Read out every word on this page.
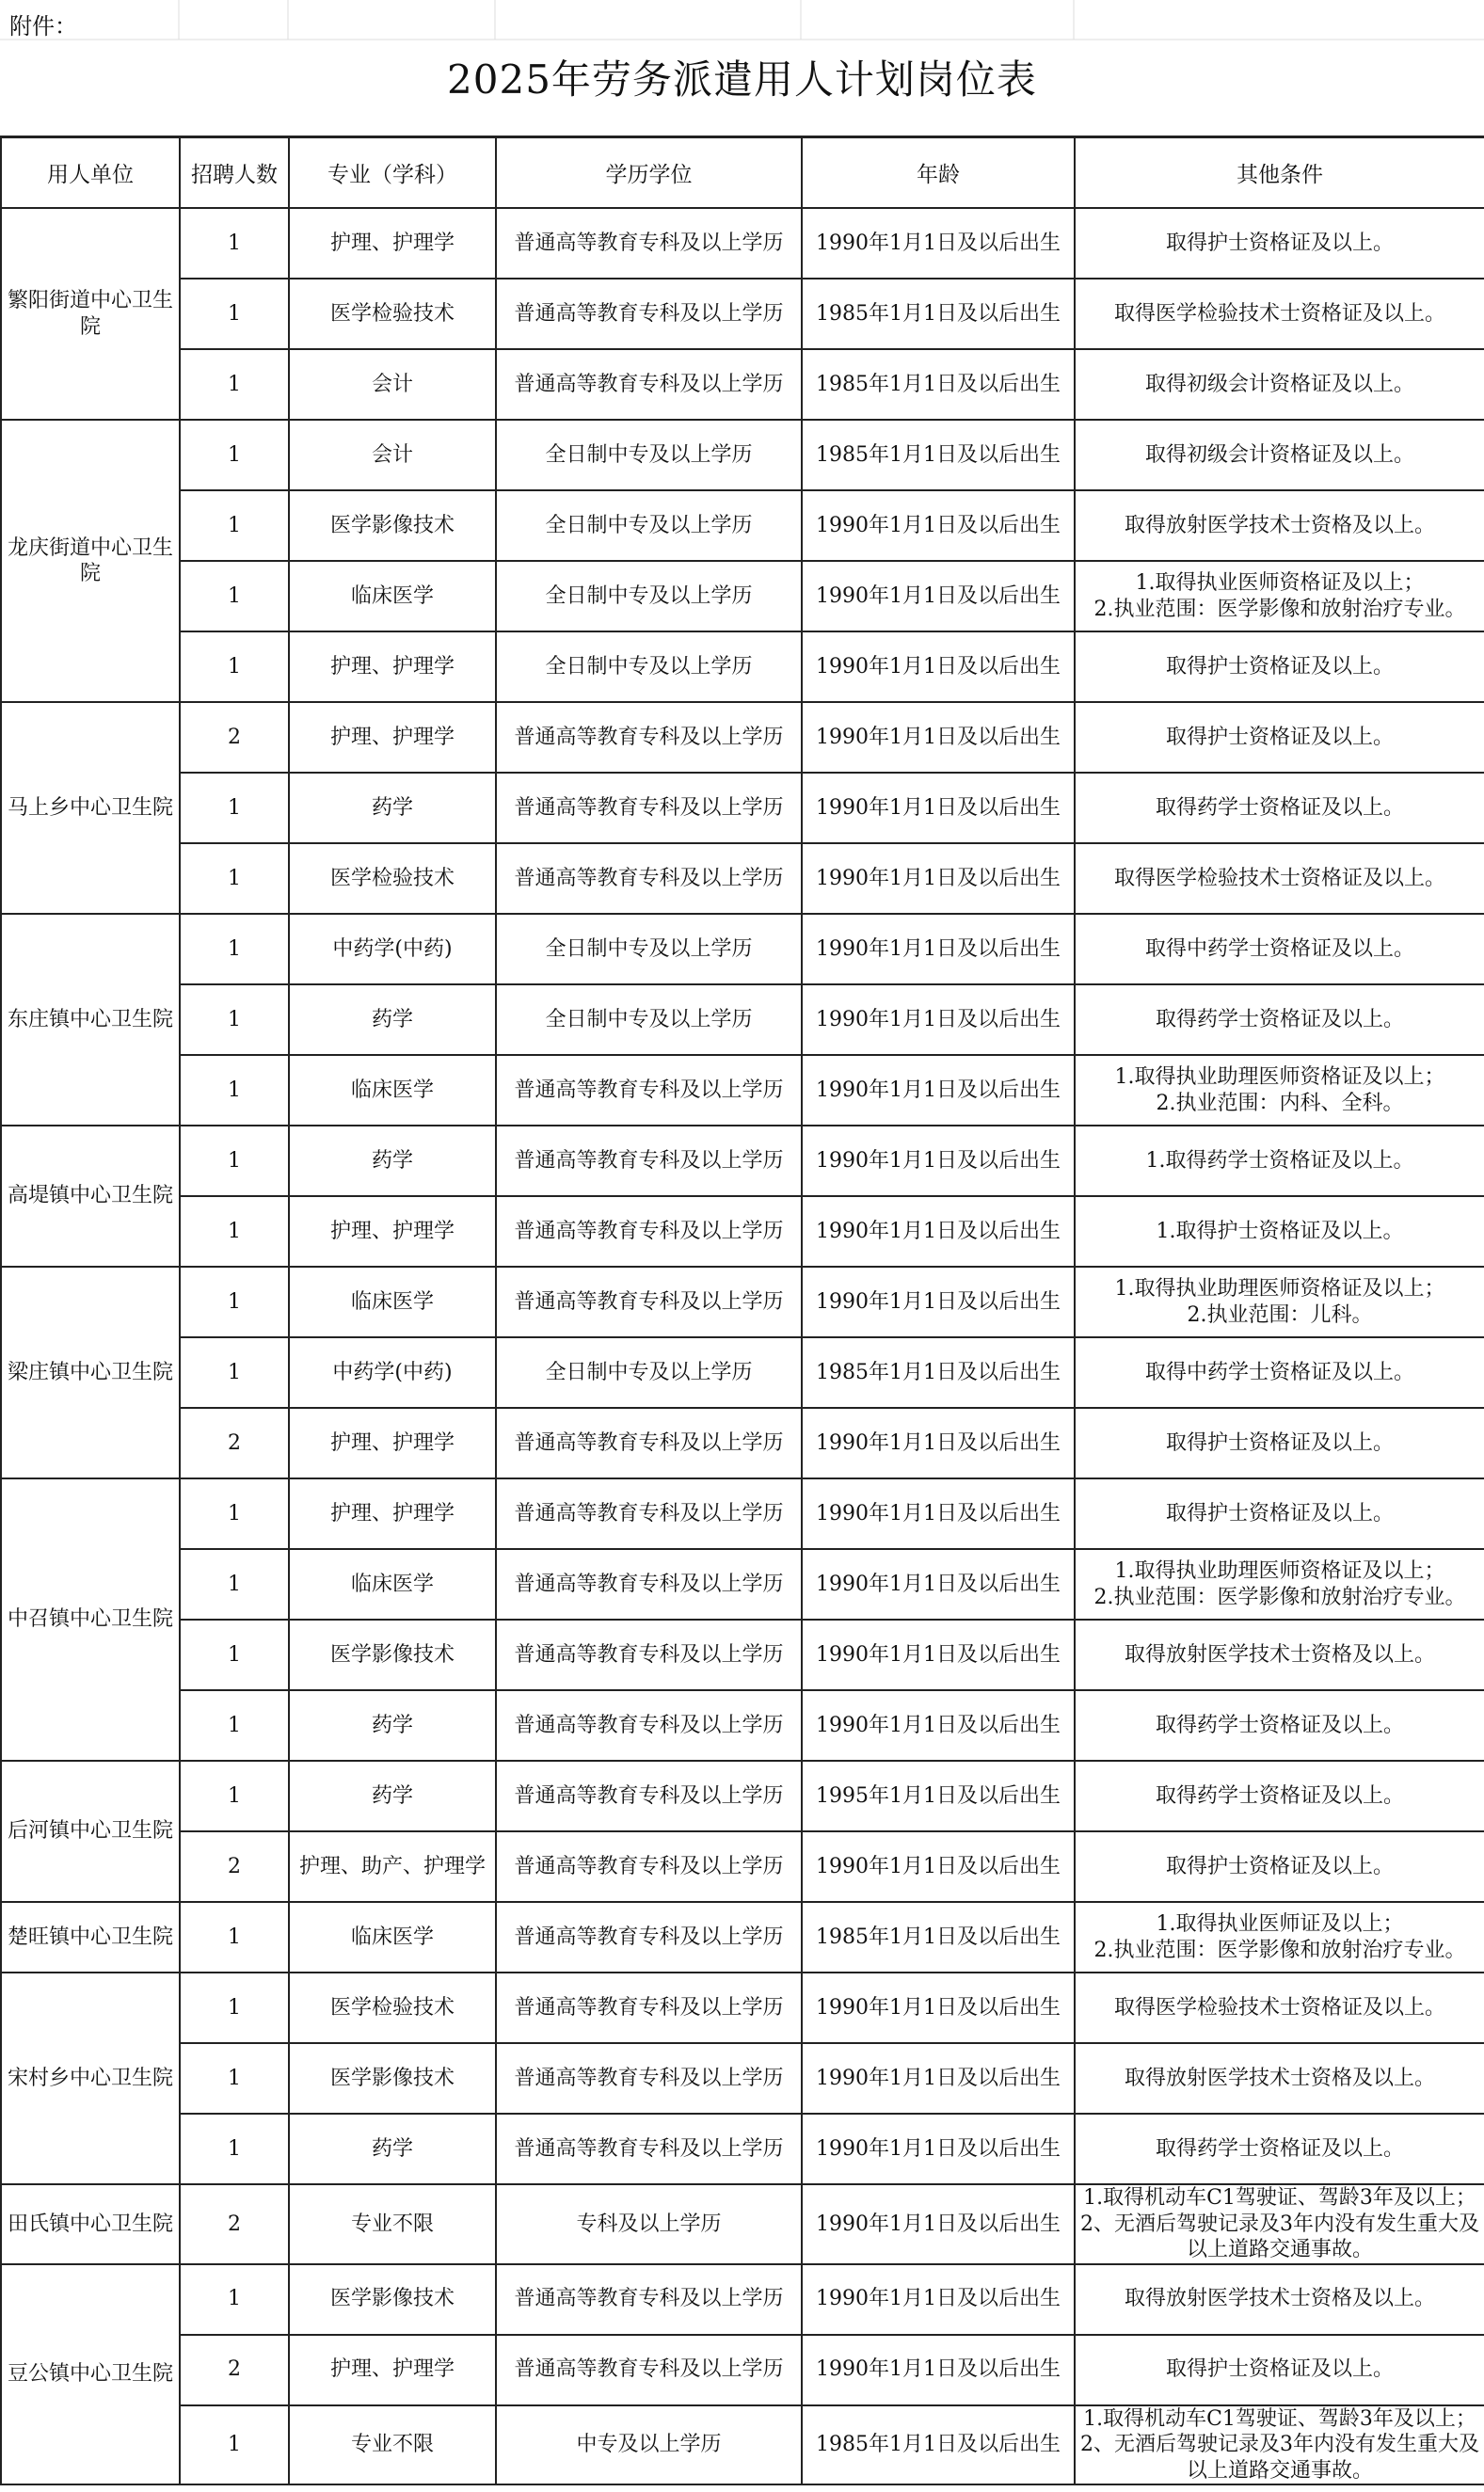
附件：
2025年劳务派遣用人计划岗位表
用人单位	招聘人数	专业（学科）	学历学位	年龄	其他条件
繁阳街道中心卫生院	1	护理、护理学	普通高等教育专科及以上学历	1990年1月1日及以后出生	取得护士资格证及以上。
	1	医学检验技术	普通高等教育专科及以上学历	1985年1月1日及以后出生	取得医学检验技术士资格证及以上。
	1	会计	普通高等教育专科及以上学历	1985年1月1日及以后出生	取得初级会计资格证及以上。
龙庆街道中心卫生院	1	会计	全日制中专及以上学历	1985年1月1日及以后出生	取得初级会计资格证及以上。
	1	医学影像技术	全日制中专及以上学历	1990年1月1日及以后出生	取得放射医学技术士资格及以上。
	1	临床医学	全日制中专及以上学历	1990年1月1日及以后出生	1.取得执业医师资格证及以上；
2.执业范围：医学影像和放射治疗专业。
	1	护理、护理学	全日制中专及以上学历	1990年1月1日及以后出生	取得护士资格证及以上。
马上乡中心卫生院	2	护理、护理学	普通高等教育专科及以上学历	1990年1月1日及以后出生	取得护士资格证及以上。
	1	药学	普通高等教育专科及以上学历	1990年1月1日及以后出生	取得药学士资格证及以上。
	1	医学检验技术	普通高等教育专科及以上学历	1990年1月1日及以后出生	取得医学检验技术士资格证及以上。
东庄镇中心卫生院	1	中药学(中药)	全日制中专及以上学历	1990年1月1日及以后出生	取得中药学士资格证及以上。
	1	药学	全日制中专及以上学历	1990年1月1日及以后出生	取得药学士资格证及以上。
	1	临床医学	普通高等教育专科及以上学历	1990年1月1日及以后出生	1.取得执业助理医师资格证及以上；
2.执业范围：内科、全科。
高堤镇中心卫生院	1	药学	普通高等教育专科及以上学历	1990年1月1日及以后出生	1.取得药学士资格证及以上。
	1	护理、护理学	普通高等教育专科及以上学历	1990年1月1日及以后出生	1.取得护士资格证及以上。
梁庄镇中心卫生院	1	临床医学	普通高等教育专科及以上学历	1990年1月1日及以后出生	1.取得执业助理医师资格证及以上；
2.执业范围：儿科。
	1	中药学(中药)	全日制中专及以上学历	1985年1月1日及以后出生	取得中药学士资格证及以上。
	2	护理、护理学	普通高等教育专科及以上学历	1990年1月1日及以后出生	取得护士资格证及以上。
中召镇中心卫生院	1	护理、护理学	普通高等教育专科及以上学历	1990年1月1日及以后出生	取得护士资格证及以上。
	1	临床医学	普通高等教育专科及以上学历	1990年1月1日及以后出生	1.取得执业助理医师资格证及以上；
2.执业范围：医学影像和放射治疗专业。
	1	医学影像技术	普通高等教育专科及以上学历	1990年1月1日及以后出生	取得放射医学技术士资格及以上。
	1	药学	普通高等教育专科及以上学历	1990年1月1日及以后出生	取得药学士资格证及以上。
后河镇中心卫生院	1	药学	普通高等教育专科及以上学历	1995年1月1日及以后出生	取得药学士资格证及以上。
	2	护理、助产、护理学	普通高等教育专科及以上学历	1990年1月1日及以后出生	取得护士资格证及以上。
楚旺镇中心卫生院	1	临床医学	普通高等教育专科及以上学历	1985年1月1日及以后出生	1.取得执业医师证及以上；
2.执业范围：医学影像和放射治疗专业。
宋村乡中心卫生院	1	医学检验技术	普通高等教育专科及以上学历	1990年1月1日及以后出生	取得医学检验技术士资格证及以上。
	1	医学影像技术	普通高等教育专科及以上学历	1990年1月1日及以后出生	取得放射医学技术士资格及以上。
	1	药学	普通高等教育专科及以上学历	1990年1月1日及以后出生	取得药学士资格证及以上。
田氏镇中心卫生院	2	专业不限	专科及以上学历	1990年1月1日及以后出生	1.取得机动车C1驾驶证、驾龄3年及以上；2、无酒后驾驶记录及3年内没有发生重大及以上道路交通事故。
豆公镇中心卫生院	1	医学影像技术	普通高等教育专科及以上学历	1990年1月1日及以后出生	取得放射医学技术士资格及以上。
	2	护理、护理学	普通高等教育专科及以上学历	1990年1月1日及以后出生	取得护士资格证及以上。
	1	专业不限	中专及以上学历	1985年1月1日及以后出生	1.取得机动车C1驾驶证、驾龄3年及以上；2、无酒后驾驶记录及3年内没有发生重大及以上道路交通事故。
